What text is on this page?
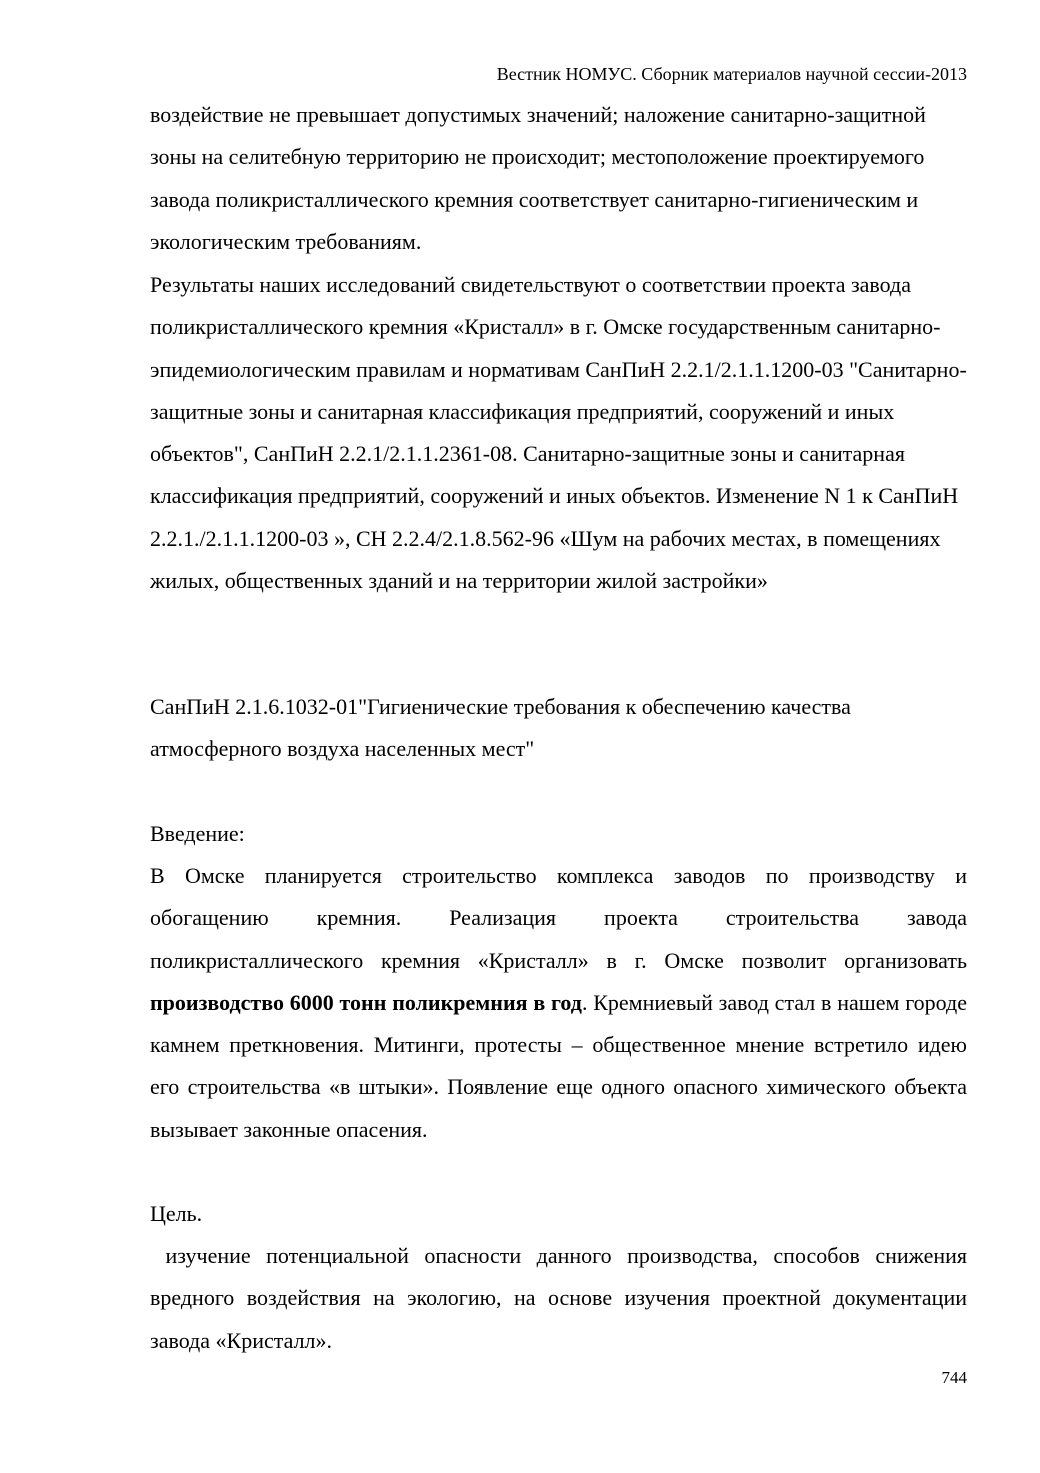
Вестник НОМУС. Сборник материалов научной сессии-2013

воздействие не превышает допустимых значений; наложение санитарно-защитной зоны на селитебную территорию не происходит; местоположение проектируемого завода поликристаллического кремния соответствует санитарно-гигиеническим и экологическим требованиям.

Результаты наших исследований свидетельствуют о соответствии проекта завода поликристаллического кремния «Кристалл» в г. Омске государственным санитарно-эпидемиологическим правилам и нормативам СанПиН 2.2.1/2.1.1.1200-03 "Санитарно-защитные зоны и санитарная классификация предприятий, сооружений и иных объектов", СанПиН 2.2.1/2.1.1.2361-08. Санитарно-защитные зоны и санитарная классификация предприятий, сооружений и иных объектов. Изменение N 1 к СанПиН 2.2.1./2.1.1.1200-03 », СН 2.2.4/2.1.8.562-96 «Шум на рабочих местах, в помещениях жилых, общественных зданий и на территории жилой застройки»

СанПиН 2.1.6.1032-01"Гигиенические требования к обеспечению качества атмосферного воздуха населенных мест"

Введение:

В Омске планируется строительство комплекса заводов по производству и обогащению кремния. Реализация проекта строительства завода поликристаллического кремния «Кристалл» в г. Омске позволит организовать производство 6000 тонн поликремния в год. Кремниевый завод стал в нашем городе камнем преткновения. Митинги, протесты – общественное мнение встретило идею его строительства «в штыки». Появление еще одного опасного химического объекта вызывает законные опасения.

Цель.

изучение потенциальной опасности данного производства, способов снижения вредного воздействия на экологию, на основе изучения проектной документации завода «Кристалл».

744
